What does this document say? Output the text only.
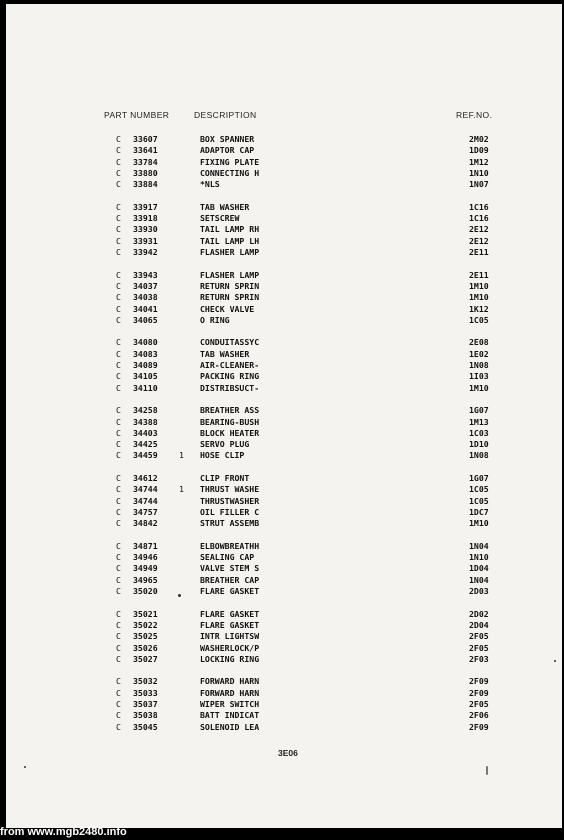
PART NUMBER	DESCRIPTION	REF.NO.
C 33607	BOX SPANNER	2M02
C 33641	ADAPTOR CAP	1D09
C 33784	FIXING PLATE	1M12
C 33880	CONNECTING H	1N10
C 33884	*NLS	1N07
C 33917	TAB WASHER	1C16
C 33918	SETSCREW	1C16
C 33930	TAIL LAMP RH	2E12
C 33931	TAIL LAMP LH	2E12
C 33942	FLASHER LAMP	2E11
C 33943	FLASHER LAMP	2E11
C 34037	RETURN SPRIN	1M10
C 34038	RETURN SPRIN	1M10
C 34041	CHECK VALVE	1K12
C 34065	O RING	1C05
C 34080	CONDUITASSYC	2E08
C 34083	TAB WASHER	1E02
C 34089	AIR-CLEANER-	1N08
C 34105	PACKING RING	1I03
C 34110	DISTRIBSUCT-	1M10
C 34258	BREATHER ASS	1G07
C 34388	BEARING-BUSH	1M13
C 34403	BLOCK HEATER	1C03
C 34425	SERVO PLUG	1D10
C 34459	1 HOSE CLIP	1N08
C 34612	CLIP FRONT	1G07
C 34744	1 THRUST WASHE	1C05
C 34744	THRUSTWASHER	1C05
C 34757	OIL FILLER C	1DC7
C 34842	STRUT ASSEMB	1M10
C 34871	ELBOWBREATHH	1N04
C 34946	SEALING CAP	1N10
C 34949	VALVE STEM S	1D04
C 34965	BREATHER CAP	1N04
C 35020	FLARE GASKET	2D03
C 35021	FLARE GASKET	2D02
C 35022	FLARE GASKET	2D04
C 35025	INTR LIGHTSW	2F05
C 35026	WASHERLOCK/P	2F05
C 35027	LOCKING RING	2F03
C 35032	FORWARD HARN	2F09
C 35033	FORWARD HARN	2F09
C 35037	WIPER SWITCH	2F05
C 35038	BATT INDICAT	2F06
C 35045	SOLENOID LEA	2F09
3E06
from www.mgb2480.info
